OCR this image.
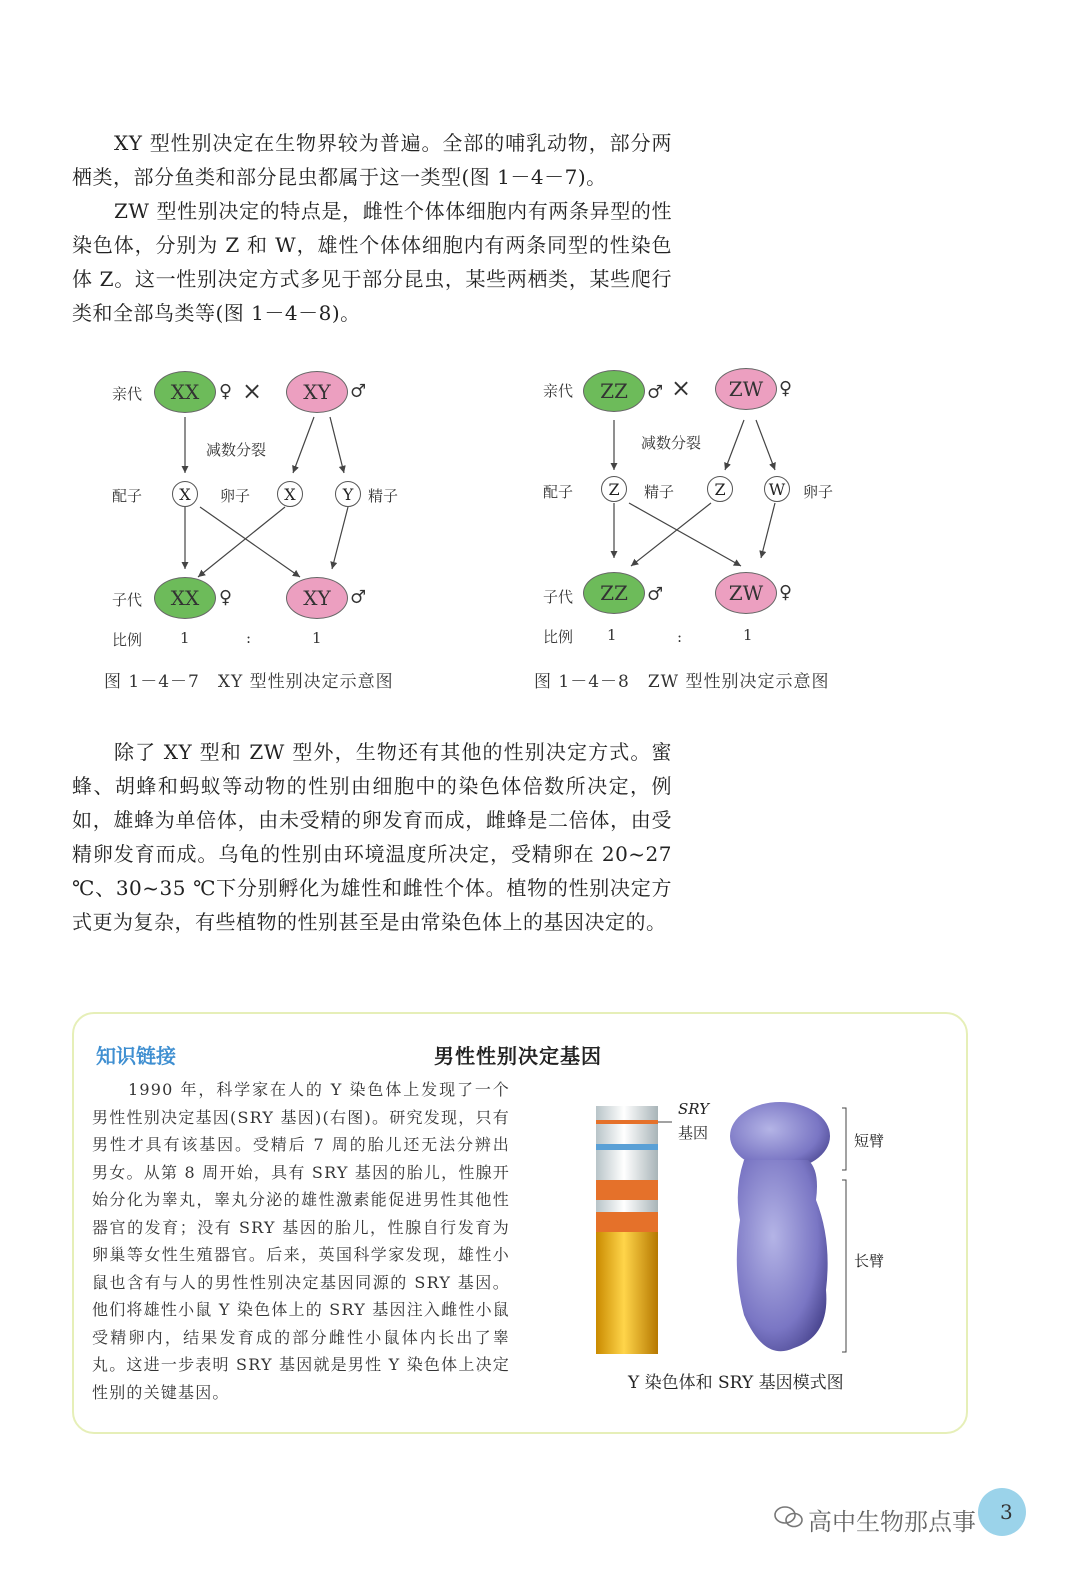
XY 型性别决定在生物界较为普遍。全部的哺乳动物，部分两栖类，部分鱼类和部分昆虫都属于这一类型(图 1－4－7)。

ZW 型性别决定的特点是，雌性个体体细胞内有两条异型的性染色体，分别为 Z 和 W，雄性个体体细胞内有两条同型的性染色体 Z。这一性别决定方式多见于部分昆虫，某些两栖类，某些爬行类和全部鸟类等(图 1－4－8)。

亲代	XX	♀ ×	XY	♂
减数分裂
配子	X	卵子	X	Y 精子
子代	XX	♀	XY	♂
比例	1	:	1
图 1－4－7　XY 型性别决定示意图
亲代	ZZ	♂ ×	ZW ♀
减数分裂
配子	Z	精子	Z	W	卵子
子代	ZZ	♂	ZW ♀
比例 1	:	1
图 1－4－8　ZW 型性别决定示意图

除了 XY 型和 ZW 型外，生物还有其他的性别决定方式。蜜蜂、胡蜂和蚂蚁等动物的性别由细胞中的染色体倍数所决定，例如，雄蜂为单倍体，由未受精的卵发育而成，雌蜂是二倍体，由受精卵发育而成。乌龟的性别由环境温度所决定，受精卵在 20~27 ℃、30~35 ℃下分别孵化为雄性和雌性个体。植物的性别决定方式更为复杂，有些植物的性别甚至是由常染色体上的基因决定的。

知识链接	男性性别决定基因

1990 年，科学家在人的 Y 染色体上发现了一个男性性别决定基因(SRY 基因)(右图)。研究发现，只有男性才具有该基因。受精后 7 周的胎儿还无法分辨出男女。从第 8 周开始，具有 SRY 基因的胎儿，性腺开始分化为睾丸，睾丸分泌的雄性激素能促进男性其他性器官的发育；没有 SRY 基因的胎儿，性腺自行发育为卵巢等女性生殖器官。后来，英国科学家发现，雄性小鼠也含有与人的男性性别决定基因同源的 SRY 基因。他们将雄性小鼠 Y 染色体上的 SRY 基因注入雌性小鼠受精卵内，结果发育成的部分雌性小鼠体内长出了睾丸。这进一步表明 SRY 基因就是男性 Y 染色体上决定性别的关键基因。

SRY
基因	短臂
长臂
Y 染色体和 SRY 基因模式图
3
高中生物那点事
